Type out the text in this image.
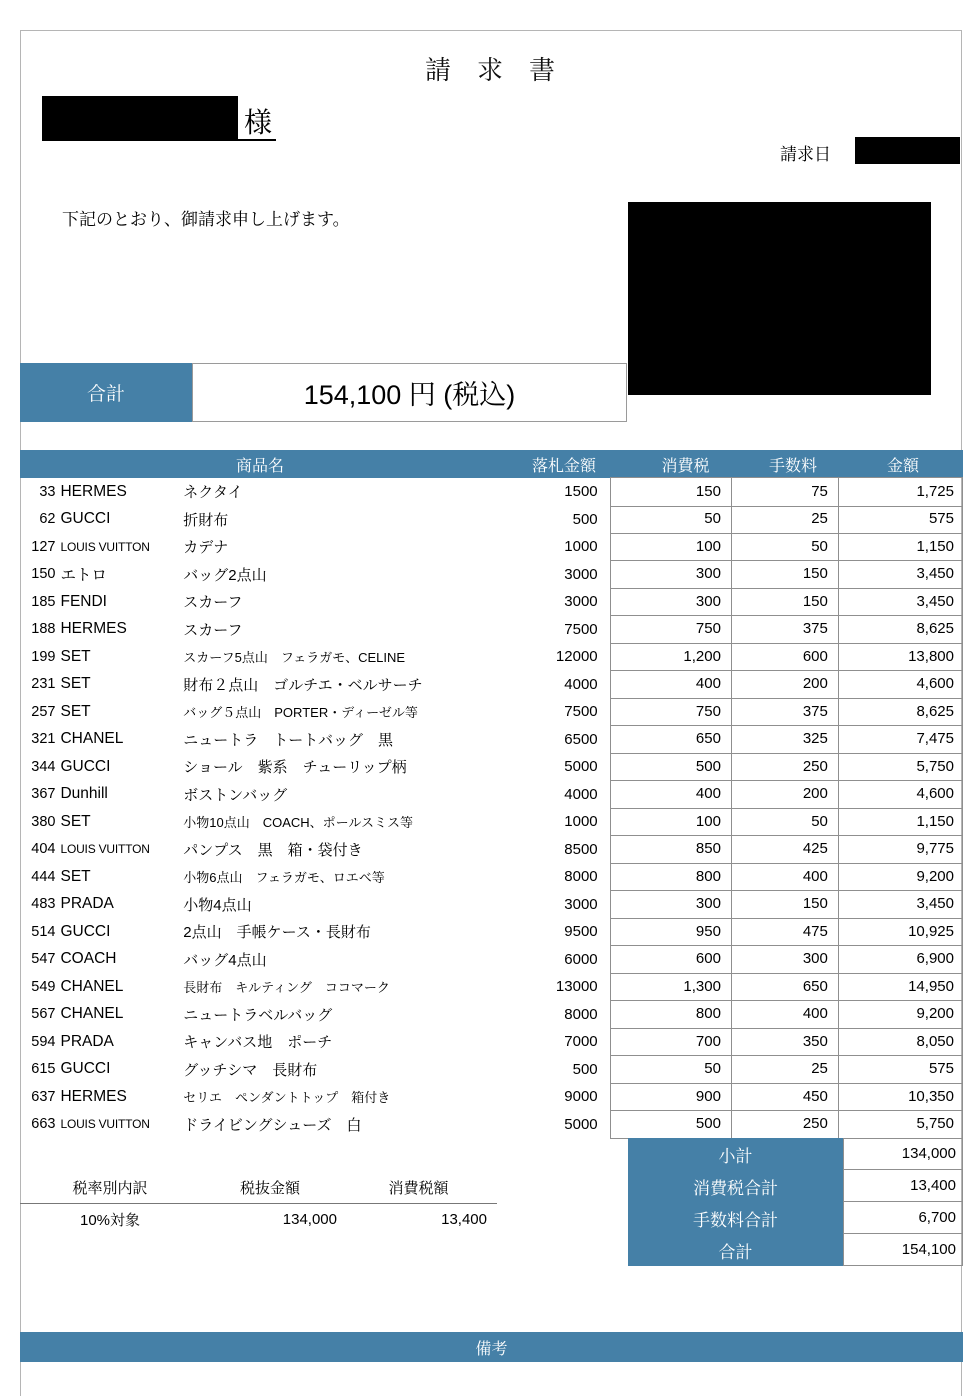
請　求　書
様
請求日
下記のとおり、御請求申し上げます。
合計	154,100 円 (税込)
商品名	落札金額	消費税	手数料	金額
33 HERMES	ネクタイ	1500	150	75	1,725
62 GUCCI	折財布	500	50	25	575
127 LOUIS VUITTON	カデナ	1000	100	50	1,150
150 エトロ	バッグ2点山	3000	300	150	3,450
185 FENDI	スカーフ	3000	300	150	3,450
188 HERMES	スカーフ	7500	750	375	8,625
199 SET	スカーフ5点山　フェラガモ、CELINE	12000	1,200	600	13,800
231 SET	財布２点山　ゴルチエ・ベルサーチ	4000	400	200	4,600
257 SET	バッグ５点山　PORTER・ディーゼル等	7500	750	375	8,625
321 CHANEL	ニュートラ　トートバッグ　黒	6500	650	325	7,475
344 GUCCI	ショール　紫系　チューリップ柄	5000	500	250	5,750
367 Dunhill	ボストンバッグ	4000	400	200	4,600
380 SET	小物10点山　COACH、ポールスミス等	1000	100	50	1,150
404 LOUIS VUITTON	パンプス　黒　箱・袋付き	8500	850	425	9,775
444 SET	小物6点山　フェラガモ、ロエベ等	8000	800	400	9,200
483 PRADA	小物4点山	3000	300	150	3,450
514 GUCCI	2点山　手帳ケース・長財布	9500	950	475	10,925
547 COACH	バッグ4点山	6000	600	300	6,900
549 CHANEL	長財布　キルティング　ココマーク	13000	1,300	650	14,950
567 CHANEL	ニュートラベルバッグ	8000	800	400	9,200
594 PRADA	キャンバス地　ポーチ	7000	700	350	8,050
615 GUCCI	グッチシマ　長財布	500	50	25	575
637 HERMES	セリエ　ペンダントトップ　箱付き	9000	900	450	10,350
663 LOUIS VUITTON	ドライビングシューズ　白	5000	500	250	5,750
小計	134,000
消費税合計	13,400
手数料合計	6,700
合計	154,100
税率別内訳	税抜金額	消費税額
10%対象	134,000	13,400
備考
